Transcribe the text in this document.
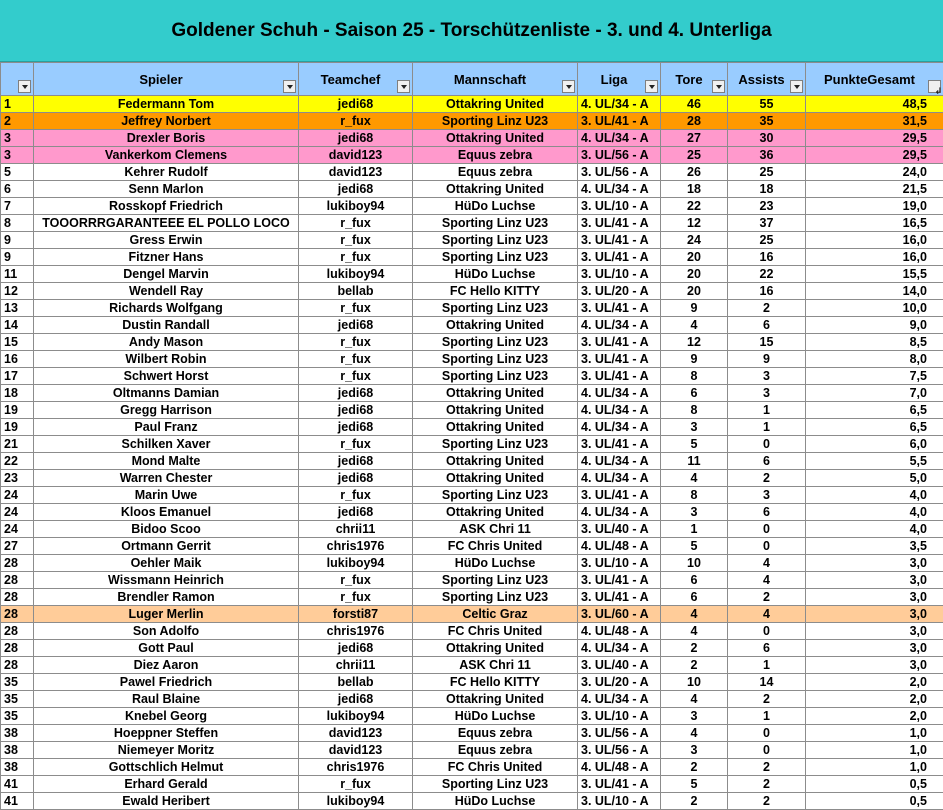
Goldener Schuh - Saison 25 - Torschützenliste - 3. und 4. Unterliga
	Spieler	Teamchef	Mannschaft	Liga	Tore	Assists	PunkteGesamt
↲

1	Federmann Tom	jedi68	Ottakring United	4. UL/34 - A	46	55	48,5
2	Jeffrey Norbert	r_fux	Sporting Linz U23	3. UL/41 - A	28	35	31,5
3	Drexler Boris	jedi68	Ottakring United	4. UL/34 - A	27	30	29,5
3	Vankerkom Clemens	david123	Equus zebra	3. UL/56 - A	25	36	29,5
5	Kehrer Rudolf	david123	Equus zebra	3. UL/56 - A	26	25	24,0
6	Senn Marlon	jedi68	Ottakring United	4. UL/34 - A	18	18	21,5
7	Rosskopf Friedrich	lukiboy94	HüDo Luchse	3. UL/10 - A	22	23	19,0
8	TOOORRRGARANTEEE EL POLLO LOCO	r_fux	Sporting Linz U23	3. UL/41 - A	12	37	16,5
9	Gress Erwin	r_fux	Sporting Linz U23	3. UL/41 - A	24	25	16,0
9	Fitzner Hans	r_fux	Sporting Linz U23	3. UL/41 - A	20	16	16,0
11	Dengel Marvin	lukiboy94	HüDo Luchse	3. UL/10 - A	20	22	15,5
12	Wendell Ray	bellab	FC Hello KITTY	3. UL/20 - A	20	16	14,0
13	Richards Wolfgang	r_fux	Sporting Linz U23	3. UL/41 - A	9	2	10,0
14	Dustin Randall	jedi68	Ottakring United	4. UL/34 - A	4	6	9,0
15	Andy Mason	r_fux	Sporting Linz U23	3. UL/41 - A	12	15	8,5
16	Wilbert Robin	r_fux	Sporting Linz U23	3. UL/41 - A	9	9	8,0
17	Schwert Horst	r_fux	Sporting Linz U23	3. UL/41 - A	8	3	7,5
18	Oltmanns Damian	jedi68	Ottakring United	4. UL/34 - A	6	3	7,0
19	Gregg Harrison	jedi68	Ottakring United	4. UL/34 - A	8	1	6,5
19	Paul Franz	jedi68	Ottakring United	4. UL/34 - A	3	1	6,5
21	Schilken Xaver	r_fux	Sporting Linz U23	3. UL/41 - A	5	0	6,0
22	Mond Malte	jedi68	Ottakring United	4. UL/34 - A	11	6	5,5
23	Warren Chester	jedi68	Ottakring United	4. UL/34 - A	4	2	5,0
24	Marin Uwe	r_fux	Sporting Linz U23	3. UL/41 - A	8	3	4,0
24	Kloos Emanuel	jedi68	Ottakring United	4. UL/34 - A	3	6	4,0
24	Bidoo Scoo	chrii11	ASK Chri 11	3. UL/40 - A	1	0	4,0
27	Ortmann Gerrit	chris1976	FC Chris United	4. UL/48 - A	5	0	3,5
28	Oehler Maik	lukiboy94	HüDo Luchse	3. UL/10 - A	10	4	3,0
28	Wissmann Heinrich	r_fux	Sporting Linz U23	3. UL/41 - A	6	4	3,0
28	Brendler Ramon	r_fux	Sporting Linz U23	3. UL/41 - A	6	2	3,0
28	Luger Merlin	forsti87	Celtic Graz	3. UL/60 - A	4	4	3,0
28	Son Adolfo	chris1976	FC Chris United	4. UL/48 - A	4	0	3,0
28	Gott Paul	jedi68	Ottakring United	4. UL/34 - A	2	6	3,0
28	Diez Aaron	chrii11	ASK Chri 11	3. UL/40 - A	2	1	3,0
35	Pawel Friedrich	bellab	FC Hello KITTY	3. UL/20 - A	10	14	2,0
35	Raul Blaine	jedi68	Ottakring United	4. UL/34 - A	4	2	2,0
35	Knebel Georg	lukiboy94	HüDo Luchse	3. UL/10 - A	3	1	2,0
38	Hoeppner Steffen	david123	Equus zebra	3. UL/56 - A	4	0	1,0
38	Niemeyer Moritz	david123	Equus zebra	3. UL/56 - A	3	0	1,0
38	Gottschlich Helmut	chris1976	FC Chris United	4. UL/48 - A	2	2	1,0
41	Erhard Gerald	r_fux	Sporting Linz U23	3. UL/41 - A	5	2	0,5
41	Ewald Heribert	lukiboy94	HüDo Luchse	3. UL/10 - A	2	2	0,5
